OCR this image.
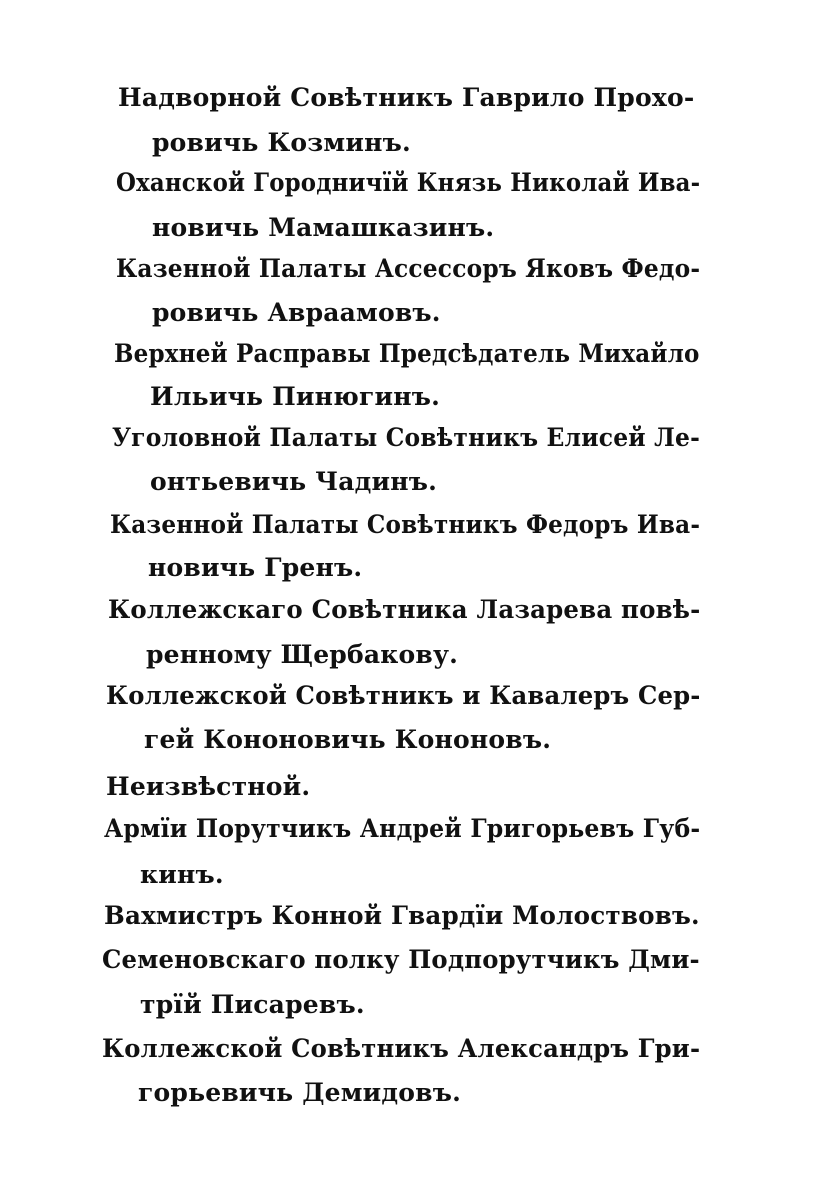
Надворной Совѣтникъ Гаврило Прохо-
ровичь Козминъ.
Оханской Городничїй Князь Николай Ива-
новичь Мамашказинъ.
Казенной Палаты Ассессоръ Яковъ Федо-
ровичь Авраамовъ.
Верхней Расправы Предсѣдатель Михайло
Ильичь Пинюгинъ.
Уголовной Палаты Совѣтникъ Елисей Ле-
онтьевичь Чадинъ.
Казенной Палаты Совѣтникъ Федоръ Ива-
новичь Гренъ.
Коллежскаго Совѣтника Лазарева повѣ-
ренному Щербакову.
Коллежской Совѣтникъ и Кавалеръ Сер-
гей Кононовичь Кононовъ.
Неизвѣстной.
Армїи Порутчикъ Андрей Григорьевъ Губ-
кинъ.
Вахмистръ Конной Гвардїи Молоствовъ.
Семеновскаго полку Подпорутчикъ Дми-
трїй Писаревъ.
Коллежской Совѣтникъ Александръ Гри-
горьевичь Демидовъ.
